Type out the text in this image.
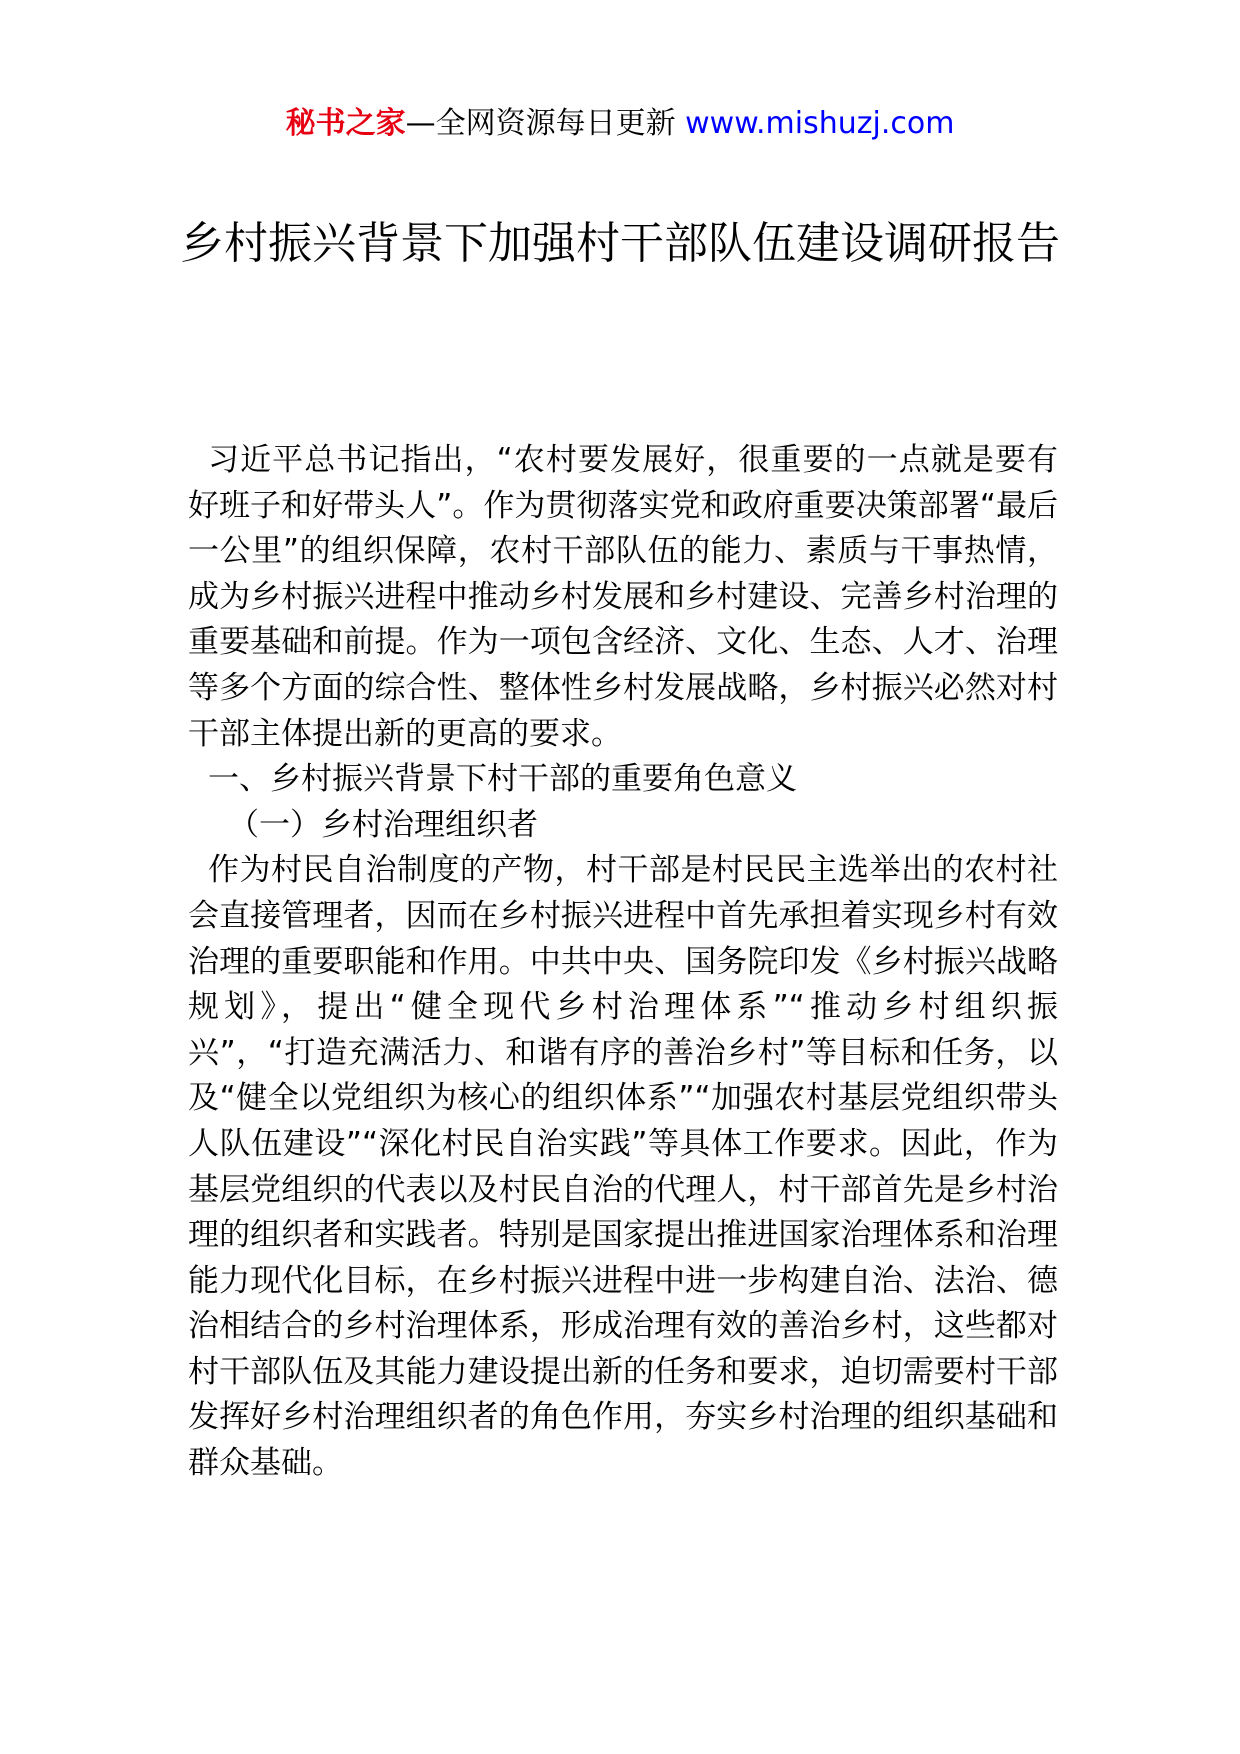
秘书之家—全网资源每日更新 www.mishuzj.com
乡村振兴背景下加强村干部队伍建设调研报告

习近平总书记指出，“农村要发展好，很重要的一点就是要有好班子和好带头人”。作为贯彻落实党和政府重要决策部署“最后一公里”的组织保障，农村干部队伍的能力、素质与干事热情，成为乡村振兴进程中推动乡村发展和乡村建设、完善乡村治理的重要基础和前提。作为一项包含经济、文化、生态、人才、治理等多个方面的综合性、整体性乡村发展战略，乡村振兴必然对村干部主体提出新的更高的要求。

一、乡村振兴背景下村干部的重要角色意义

（一）乡村治理组织者

作为村民自治制度的产物，村干部是村民民主选举出的农村社会直接管理者，因而在乡村振兴进程中首先承担着实现乡村有效治理的重要职能和作用。中共中央、国务院印发《乡村振兴战略规划》，提出“健全现代乡村治理体系”“推动乡村组织振兴”，“打造充满活力、和谐有序的善治乡村”等目标和任务，以及“健全以党组织为核心的组织体系”“加强农村基层党组织带头人队伍建设”“深化村民自治实践”等具体工作要求。因此，作为基层党组织的代表以及村民自治的代理人，村干部首先是乡村治理的组织者和实践者。特别是国家提出推进国家治理体系和治理能力现代化目标，在乡村振兴进程中进一步构建自治、法治、德治相结合的乡村治理体系，形成治理有效的善治乡村，这些都对村干部队伍及其能力建设提出新的任务和要求，迫切需要村干部发挥好乡村治理组织者的角色作用，夯实乡村治理的组织基础和群众基础。
